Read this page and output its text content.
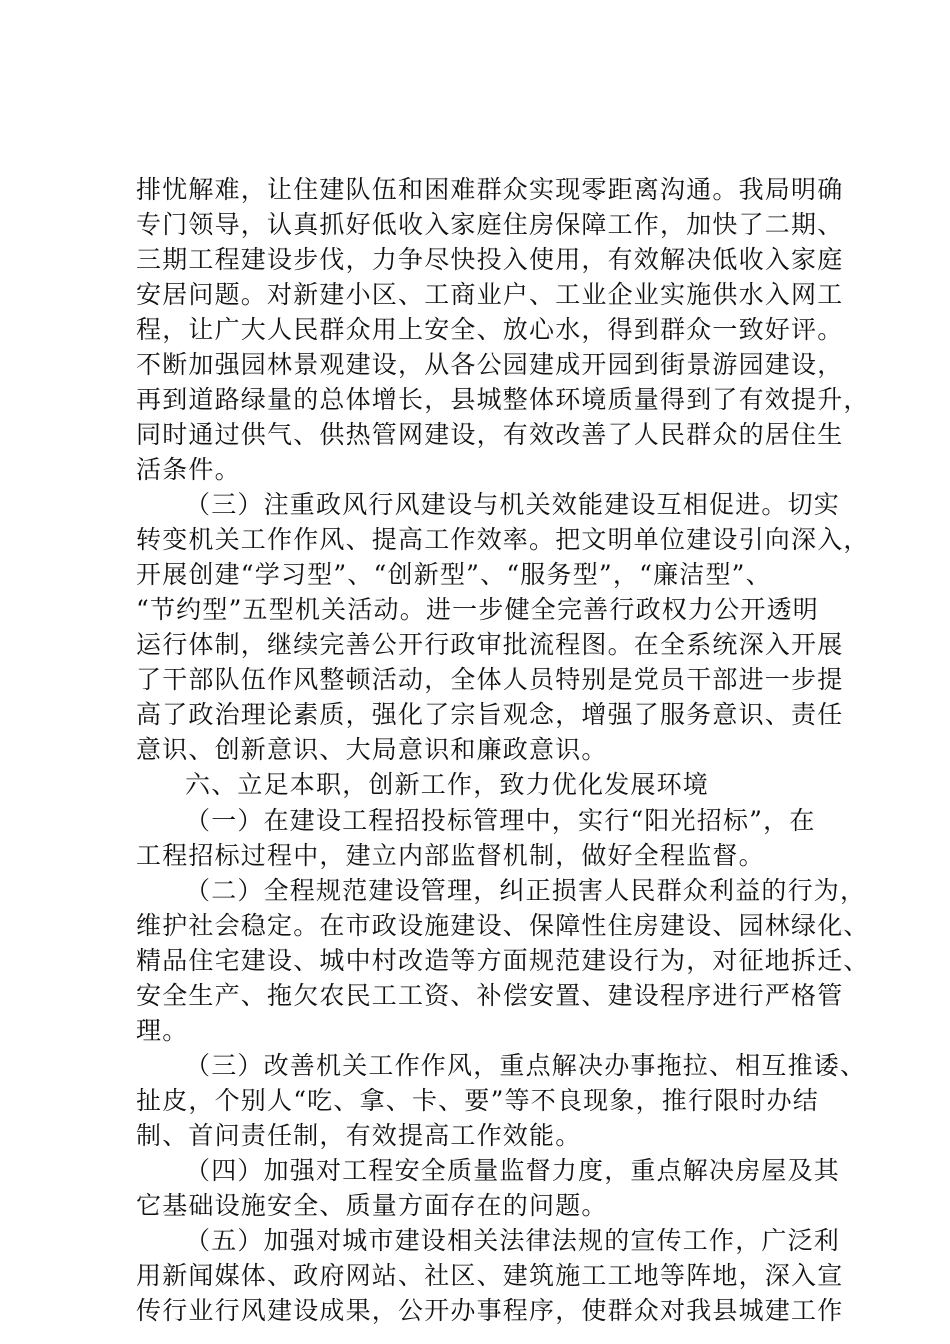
排忧解难，让住建队伍和困难群众实现零距离沟通。我局明确
专门领导，认真抓好低收入家庭住房保障工作，加快了二期、
三期工程建设步伐，力争尽快投入使用，有效解决低收入家庭
安居问题。对新建小区、工商业户、工业企业实施供水入网工
程，让广大人民群众用上安全、放心水，得到群众一致好评。
不断加强园林景观建设，从各公园建成开园到街景游园建设，
再到道路绿量的总体增长，县城整体环境质量得到了有效提升，
同时通过供气、供热管网建设，有效改善了人民群众的居住生
活条件。
（三）注重政风行风建设与机关效能建设互相促进。切实
转变机关工作作风、提高工作效率。把文明单位建设引向深入，
开展创建“学习型”、“创新型”、“服务型”，“廉洁型”、
“节约型”五型机关活动。进一步健全完善行政权力公开透明
运行体制，继续完善公开行政审批流程图。在全系统深入开展
了干部队伍作风整顿活动，全体人员特别是党员干部进一步提
高了政治理论素质，强化了宗旨观念，增强了服务意识、责任
意识、创新意识、大局意识和廉政意识。
六、立足本职，创新工作，致力优化发展环境
（一）在建设工程招投标管理中，实行“阳光招标”，在
工程招标过程中，建立内部监督机制，做好全程监督。
（二）全程规范建设管理，纠正损害人民群众利益的行为，
维护社会稳定。在市政设施建设、保障性住房建设、园林绿化、
精品住宅建设、城中村改造等方面规范建设行为，对征地拆迁、
安全生产、拖欠农民工工资、补偿安置、建设程序进行严格管
理。
（三）改善机关工作作风，重点解决办事拖拉、相互推诿、
扯皮，个别人“吃、拿、卡、要”等不良现象，推行限时办结
制、首问责任制，有效提高工作效能。
（四）加强对工程安全质量监督力度，重点解决房屋及其
它基础设施安全、质量方面存在的问题。
（五）加强对城市建设相关法律法规的宣传工作，广泛利
用新闻媒体、政府网站、社区、建筑施工工地等阵地，深入宣
传行业行风建设成果，公开办事程序，使群众对我县城建工作
